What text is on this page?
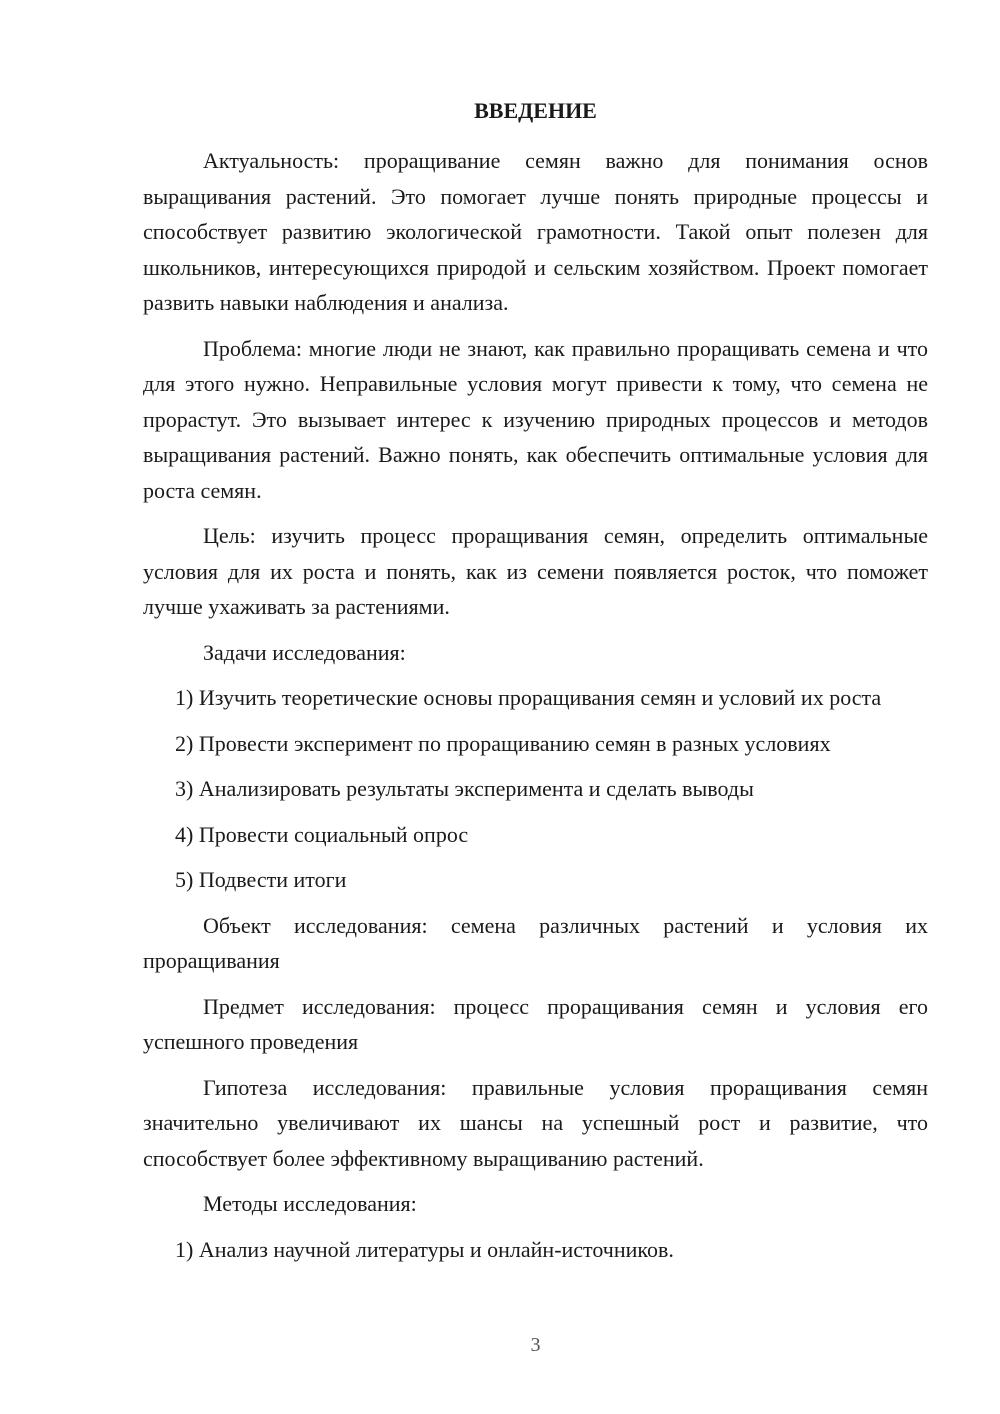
ВВЕДЕНИЕ

Актуальность: проращивание семян важно для понимания основ выращивания растений. Это помогает лучше понять природные процессы и способствует развитию экологической грамотности. Такой опыт полезен для школьников, интересующихся природой и сельским хозяйством. Проект помогает развить навыки наблюдения и анализа.

Проблема: многие люди не знают, как правильно проращивать семена и что для этого нужно. Неправильные условия могут привести к тому, что семена не прорастут. Это вызывает интерес к изучению природных процессов и методов выращивания растений. Важно понять, как обеспечить оптимальные условия для роста семян.

Цель: изучить процесс проращивания семян, определить оптимальные условия для их роста и понять, как из семени появляется росток, что поможет лучше ухаживать за растениями.

Задачи исследования:

1) Изучить теоретические основы проращивания семян и условий их роста

2) Провести эксперимент по проращиванию семян в разных условиях

3) Анализировать результаты эксперимента и сделать выводы

4) Провести социальный опрос

5) Подвести итоги

Объект исследования: семена различных растений и условия их проращивания

Предмет исследования: процесс проращивания семян и условия его успешного проведения

Гипотеза исследования: правильные условия проращивания семян значительно увеличивают их шансы на успешный рост и развитие, что способствует более эффективному выращиванию растений.

Методы исследования:

1) Анализ научной литературы и онлайн-источников.

3
